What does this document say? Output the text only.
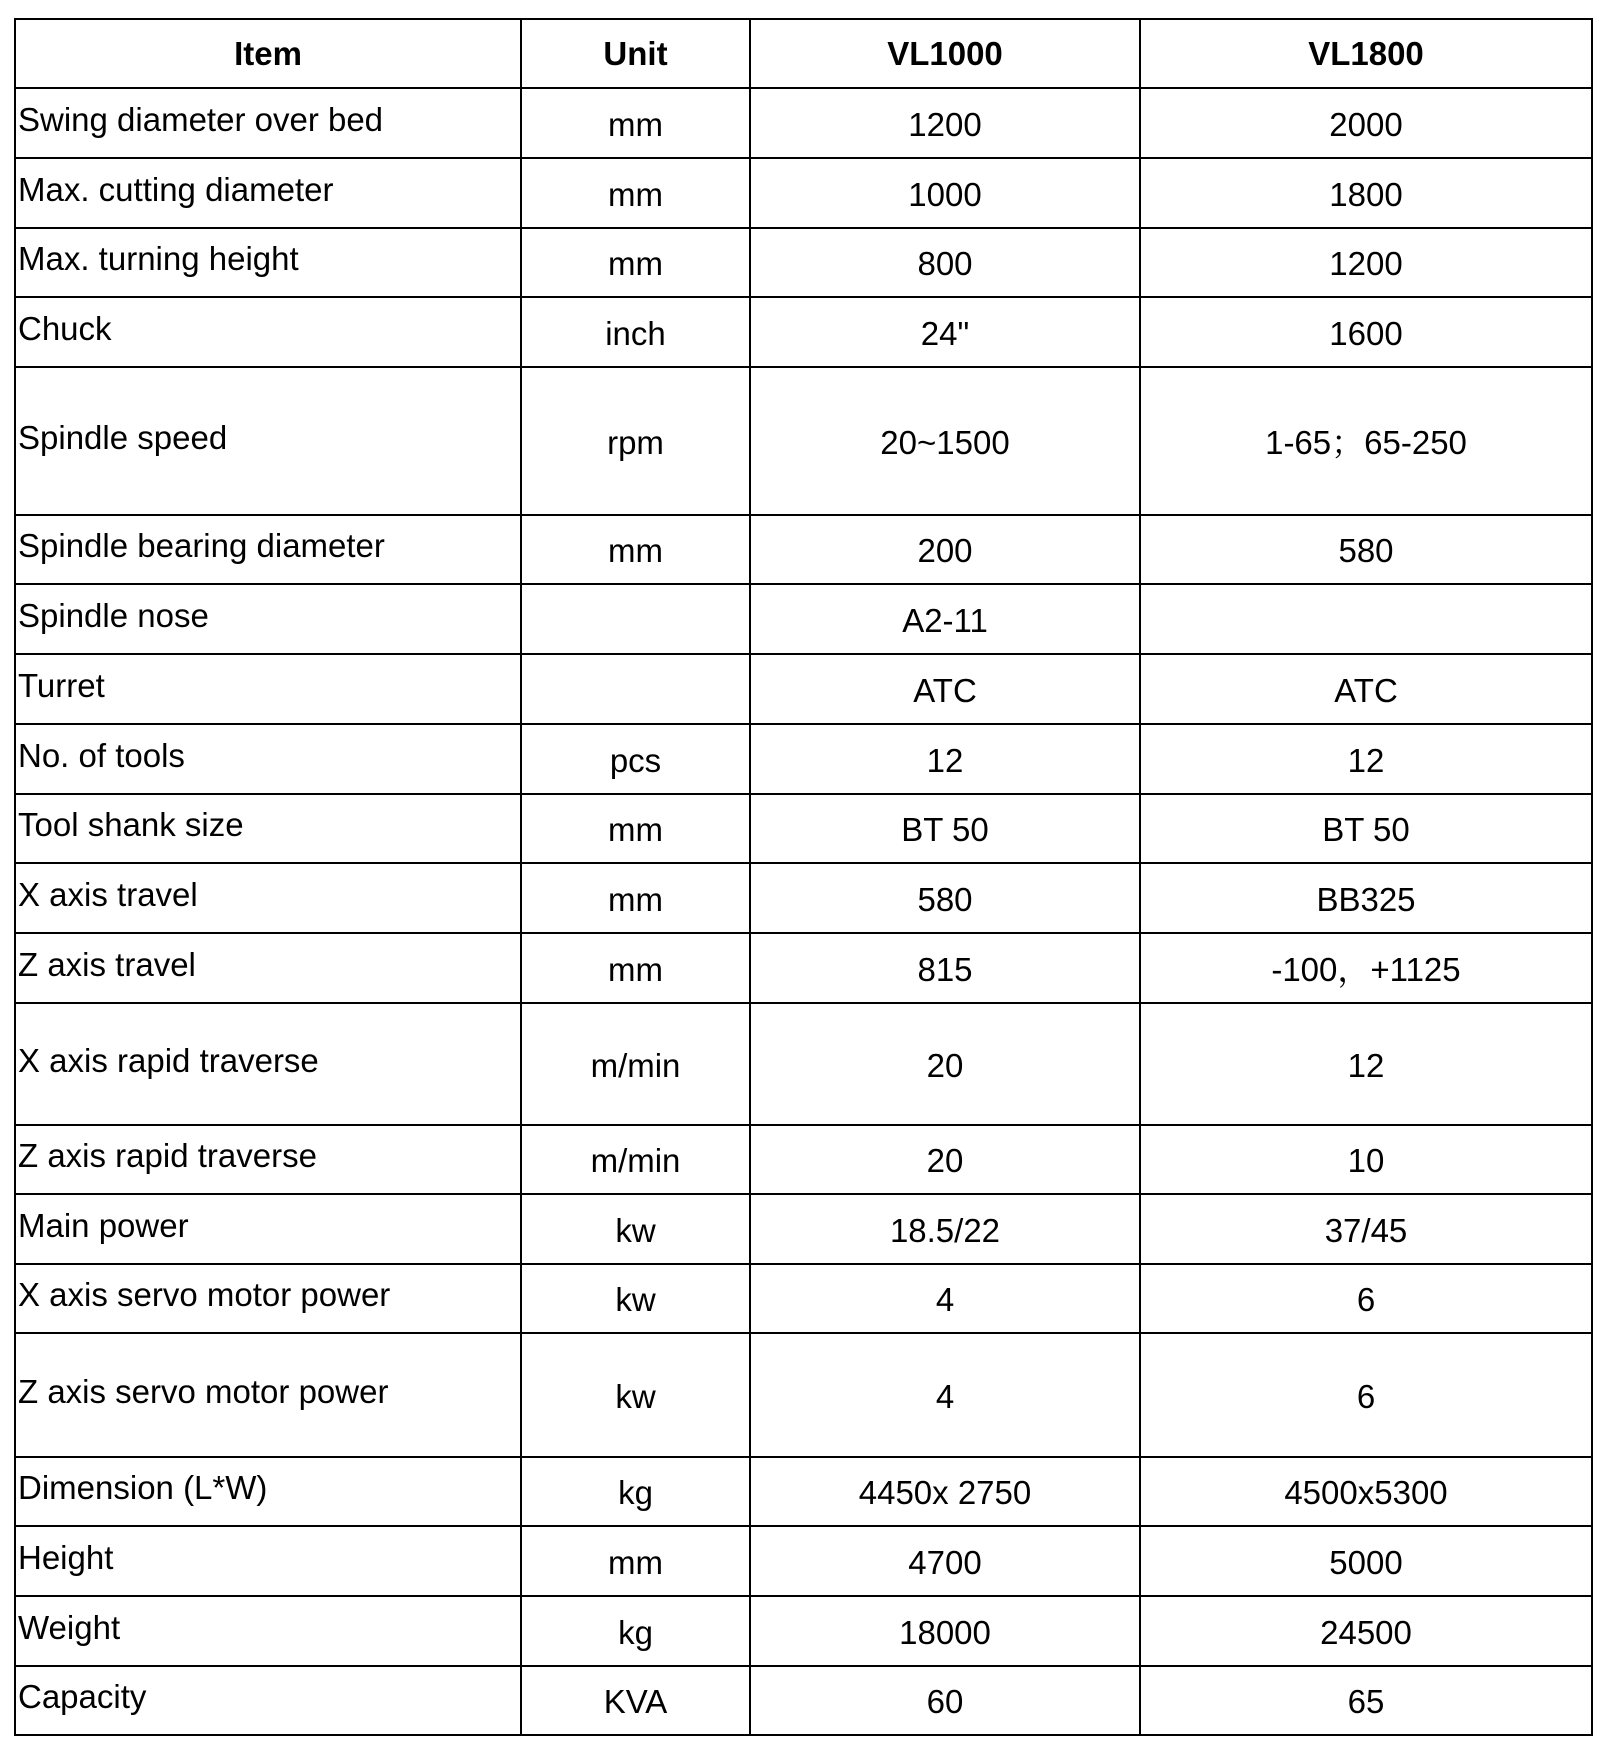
Item	Unit	VL1000	VL1800
Swing diameter over bed	mm	1200	2000
Max. cutting diameter	mm	1000	1800
Max. turning height	mm	800	1200
Chuck	inch	24"	1600
Spindle speed	rpm	20~1500	1-65；65-250
Spindle bearing diameter	mm	200	580
Spindle nose		A2-11	
Turret		ATC	ATC
No. of tools	pcs	12	12
Tool shank size	mm	BT 50	BT 50
X axis travel	mm	580	BB325
Z axis travel	mm	815	-100，+1125
X axis rapid traverse	m/min	20	12
Z axis rapid traverse	m/min	20	10
Main power	kw	18.5/22	37/45
X axis servo motor power	kw	4	6
Z axis servo motor power	kw	4	6
Dimension (L*W)	kg	4450x 2750	4500x5300
Height	mm	4700	5000
Weight	kg	18000	24500
Capacity	KVA	60	65
